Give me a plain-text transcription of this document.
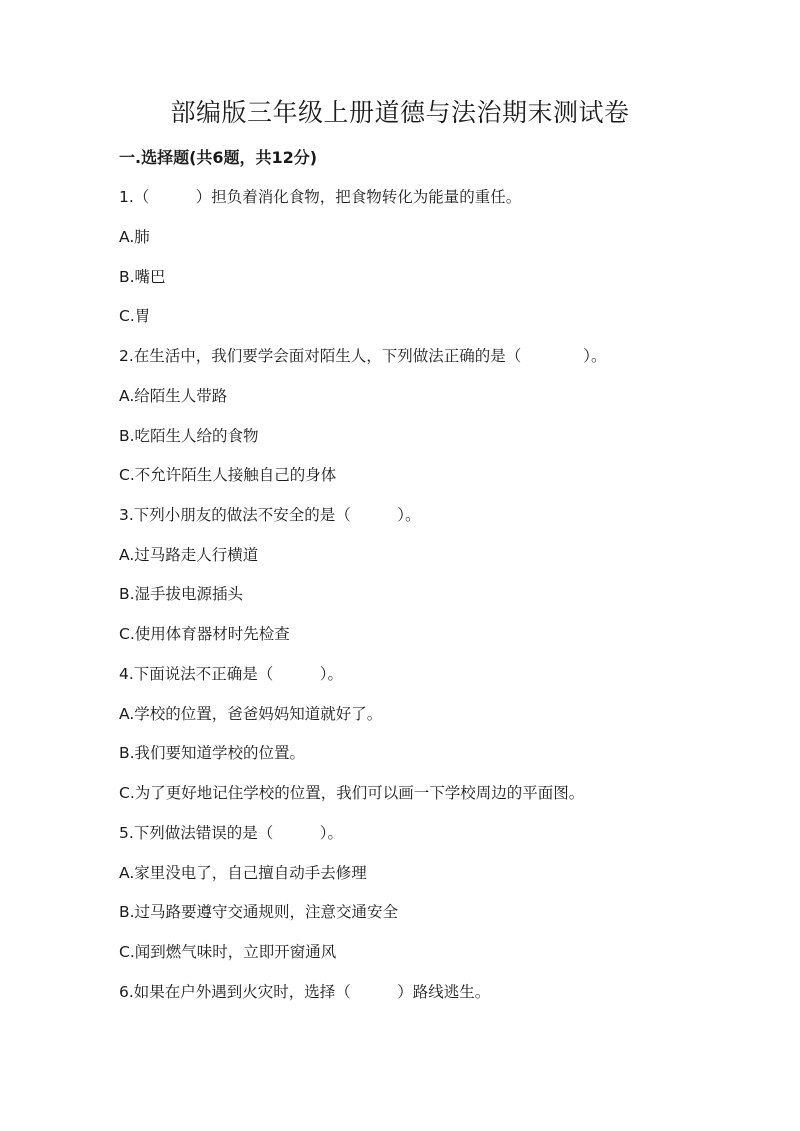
部编版三年级上册道德与法治期末测试卷
一.选择题(共6题，共12分)
1.（　　　）担负着消化食物，把食物转化为能量的重任。
A.肺
B.嘴巴
C.胃
2.在生活中，我们要学会面对陌生人，下列做法正确的是（　　　　）。
A.给陌生人带路
B.吃陌生人给的食物
C.不允许陌生人接触自己的身体
3.下列小朋友的做法不安全的是（　　　）。
A.过马路走人行横道
B.湿手拔电源插头
C.使用体育器材时先检查
4.下面说法不正确是（　　　）。
A.学校的位置，爸爸妈妈知道就好了。
B.我们要知道学校的位置。
C.为了更好地记住学校的位置，我们可以画一下学校周边的平面图。
5.下列做法错误的是（　　　）。
A.家里没电了，自己擅自动手去修理
B.过马路要遵守交通规则，注意交通安全
C.闻到燃气味时，立即开窗通风
6.如果在户外遇到火灾时，选择（　　　）路线逃生。
